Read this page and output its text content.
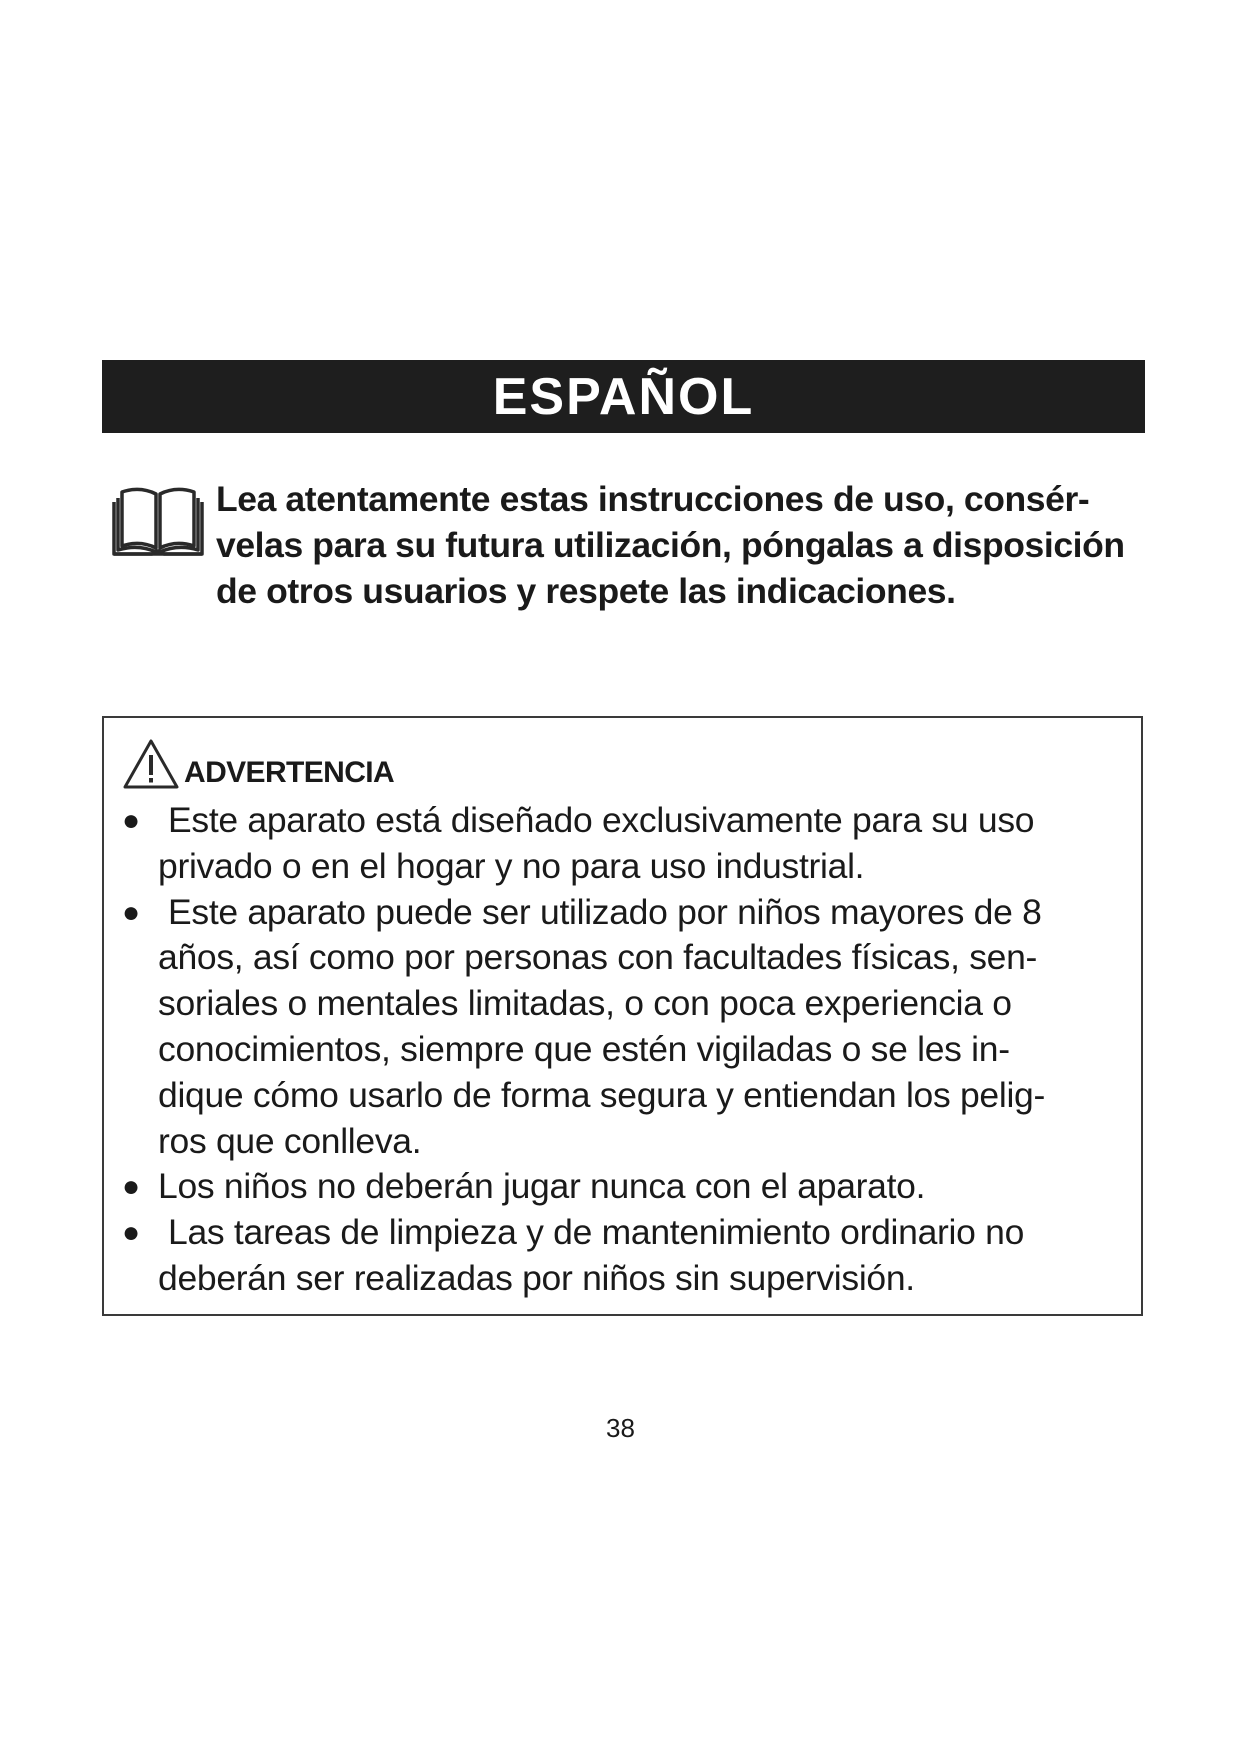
ESPAÑOL
Lea atentamente estas instrucciones de uso, consér-
velas para su futura utilización, póngalas a disposición
de otros usuarios y respete las indicaciones.
ADVERTENCIA
● Este aparato está diseñado exclusivamente para su uso
privado o en el hogar y no para uso industrial.
● Este aparato puede ser utilizado por niños mayores de 8
años, así como por personas con facultades físicas, sen-
soriales o mentales limitadas, o con poca experiencia o
conocimientos, siempre que estén vigiladas o se les in-
dique cómo usarlo de forma segura y entiendan los pelig-
ros que conlleva.
● Los niños no deberán jugar nunca con el aparato.
● Las tareas de limpieza y de mantenimiento ordinario no
deberán ser realizadas por niños sin supervisión.
38
